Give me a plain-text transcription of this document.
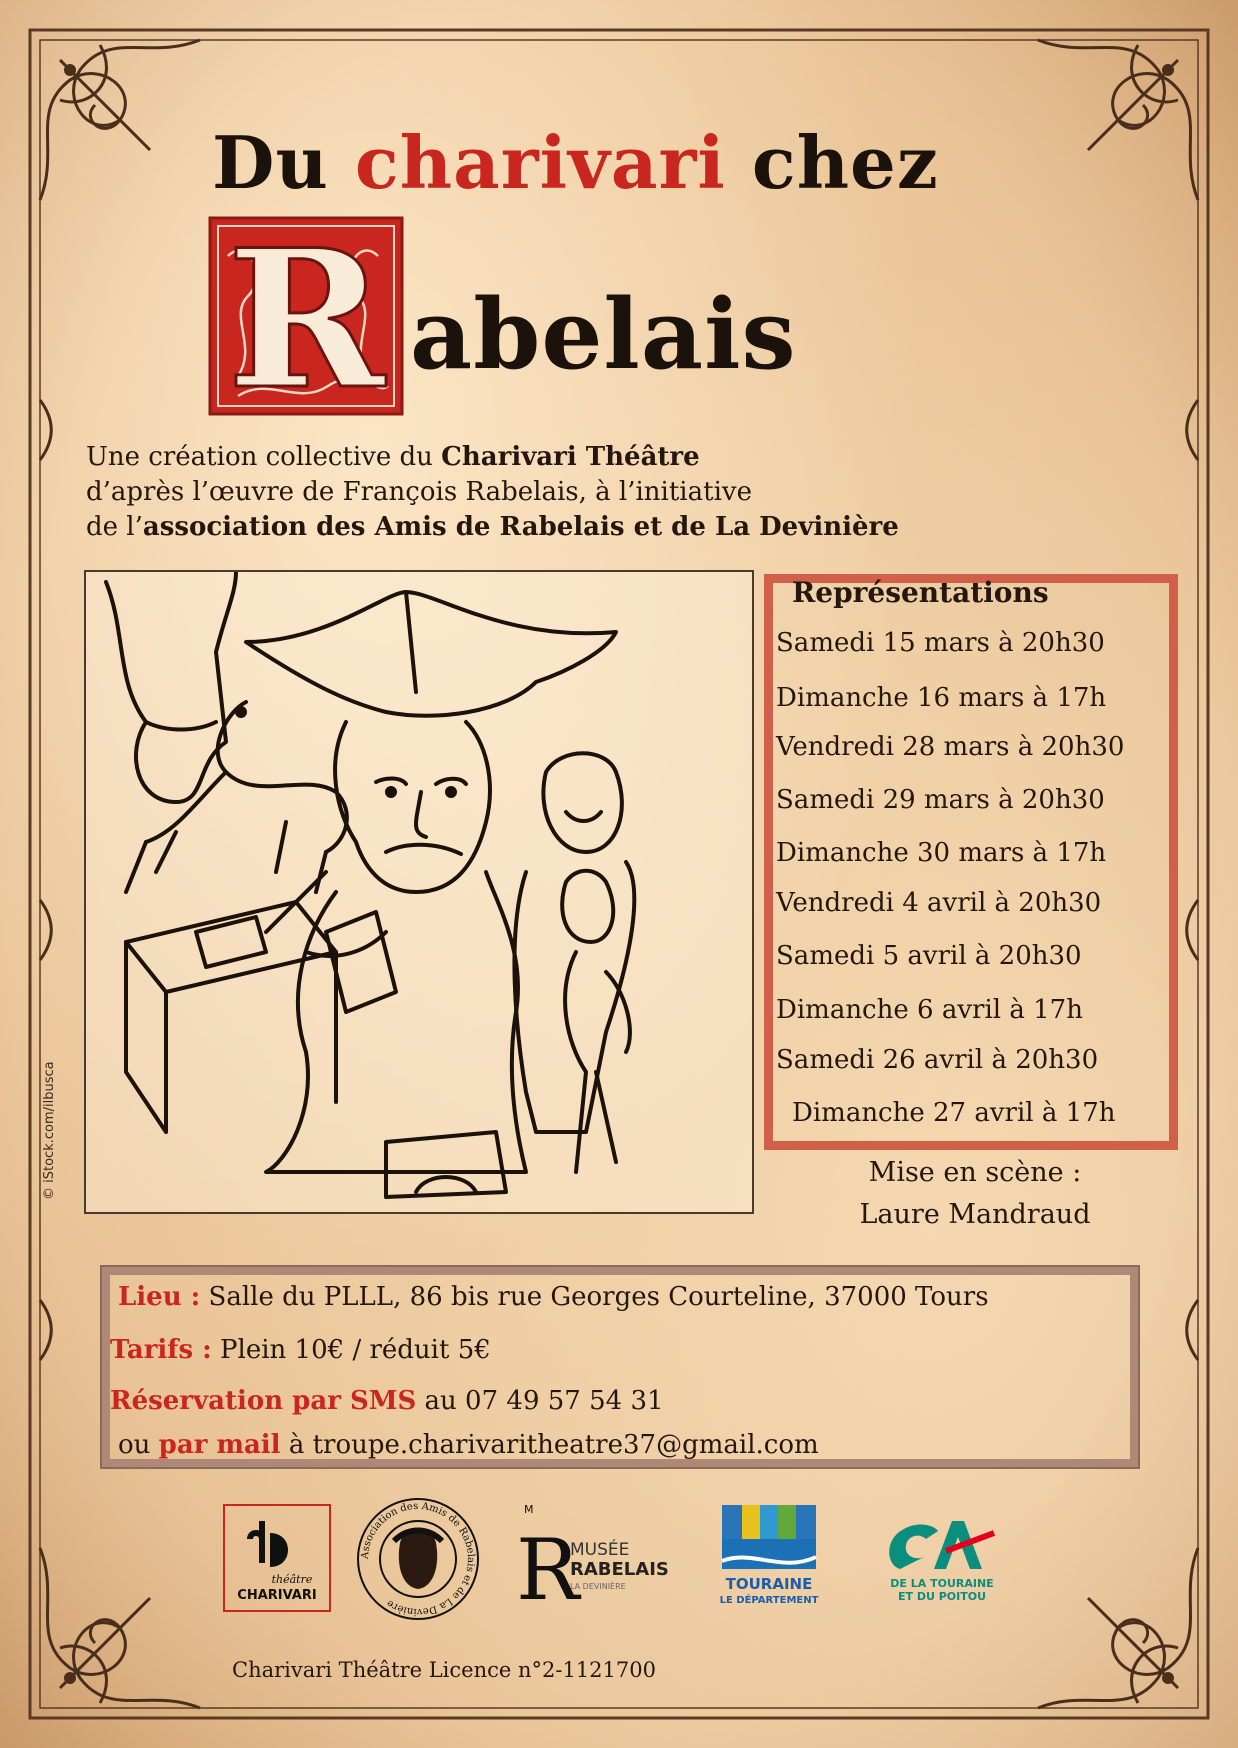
Du charivari chez
R abelais
Une création collective du Charivari Théâtre
d’après l’œuvre de François Rabelais, à l’initiative
de l’association des Amis de Rabelais et de La Devinière
© iStock.com/ilbusca
Représentations
Samedi 15 mars à 20h30
Dimanche 16 mars à 17h
Vendredi 28 mars à 20h30
Samedi 29 mars à 20h30
Dimanche 30 mars à 17h
Vendredi 4 avril à 20h30
Samedi 5 avril à 20h30
Dimanche 6 avril à 17h
Samedi 26 avril à 20h30
Dimanche 27 avril à 17h
Mise en scène :
Laure Mandraud
Lieu : Salle du PLLL, 86 bis rue Georges Courteline, 37000 Tours
Tarifs : Plein 10€ / réduit 5€
Réservation par SMS au 07 49 57 54 31
ou par mail à troupe.charivaritheatre37@gmail.com
théâtre
CHARIVARI
Association des Amis de Rabelais et de La Devinière
M
R
MUSÉE
RABELAIS
LA DEVINIÈRE	TOURAINE
LE DÉPARTEMENT
DE LA TOURAINE
ET DU POITOU
CA
Charivari Théâtre Licence n°2-1121700
